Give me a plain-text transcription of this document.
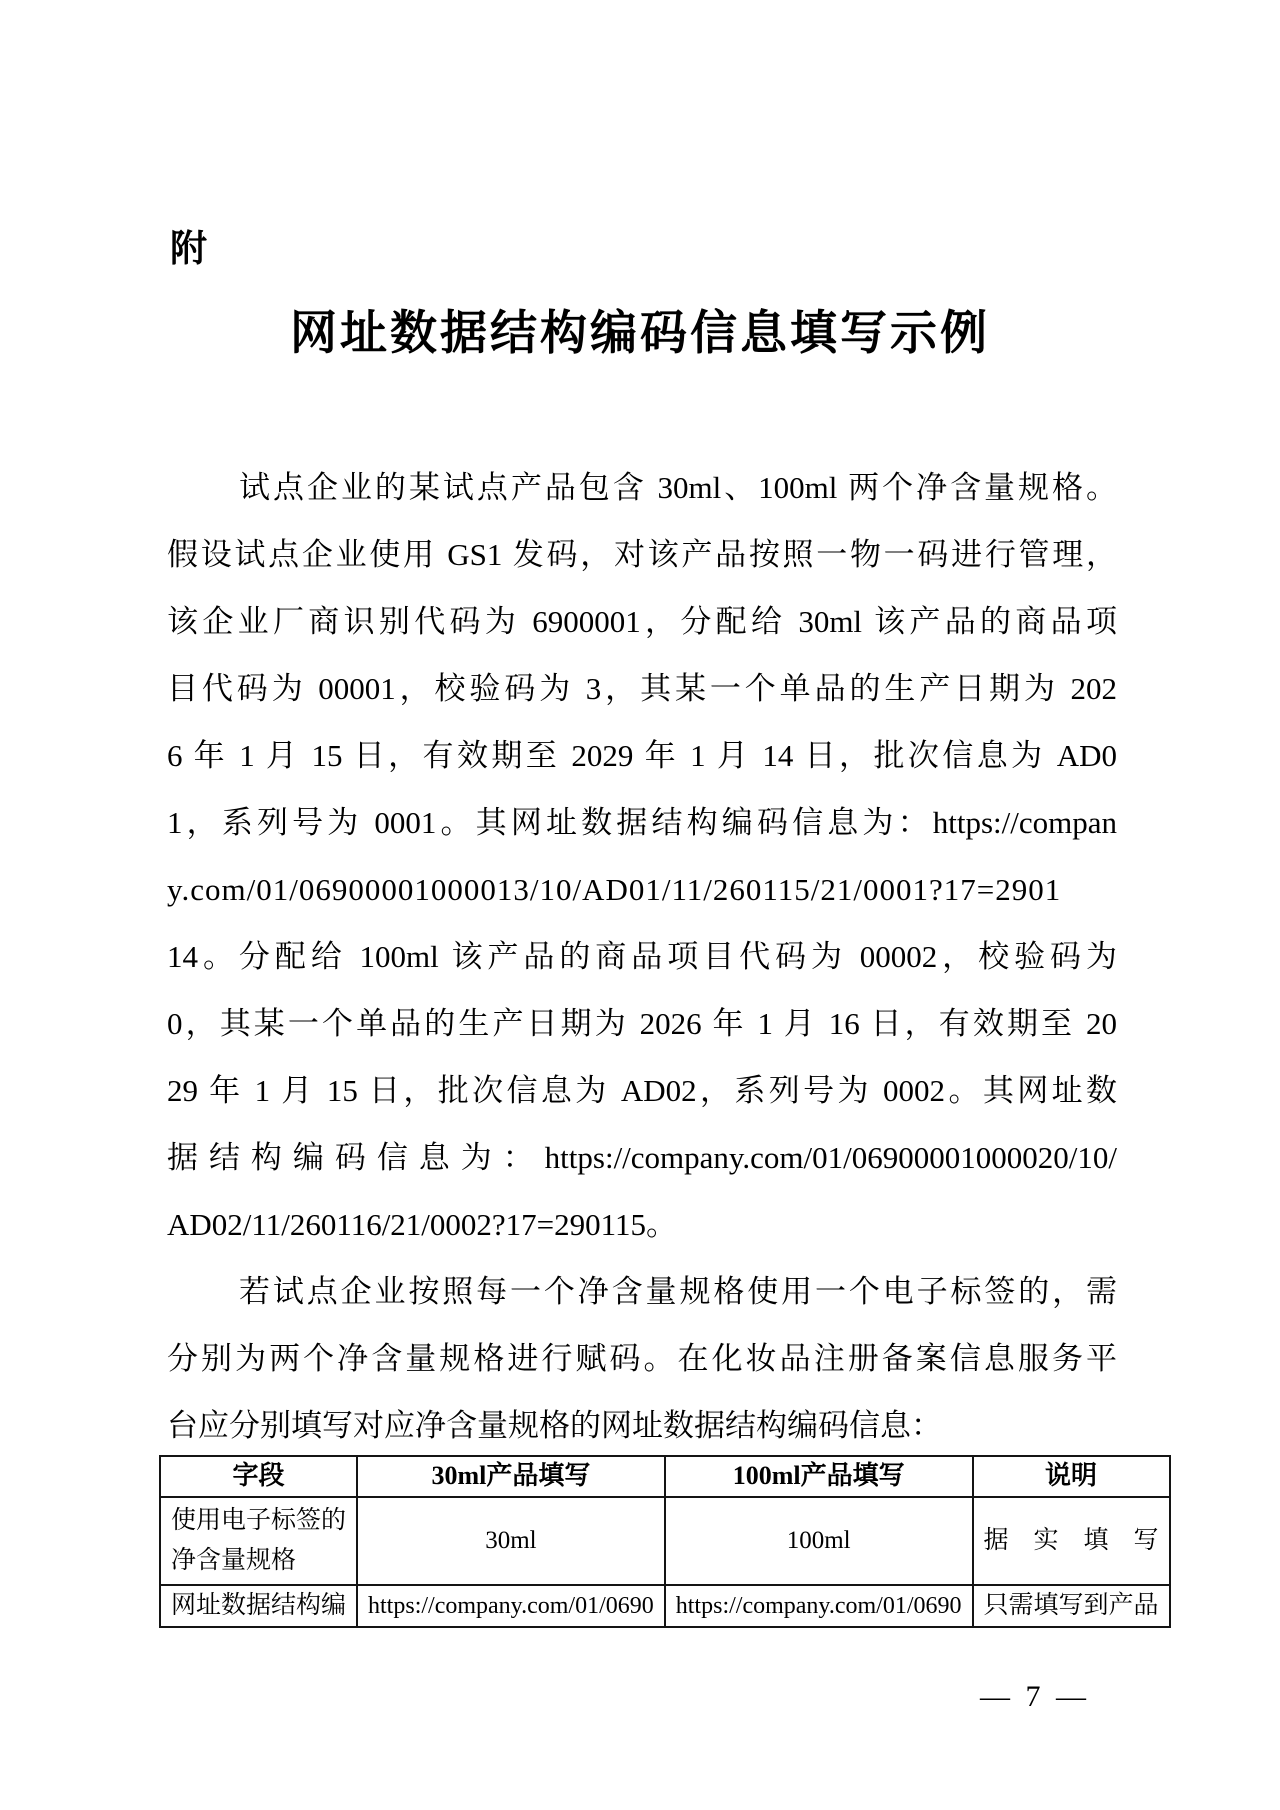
附
网址数据结构编码信息填写示例
试点企业的某试点产品包含 30ml、100ml 两个净含量规格。
假设试点企业使用 GS1 发码，对该产品按照一物一码进行管理，
该企业厂商识别代码为 6900001，分配给 30ml 该产品的商品项
目代码为 00001，校验码为 3，其某一个单品的生产日期为 202
6 年 1 月 15 日，有效期至 2029 年 1 月 14 日，批次信息为 AD0
1，系列号为 0001。其网址数据结构编码信息为：https://compan
y.com/01/06900001000013/10/AD01/11/260115/21/0001?17=2901
14。分配给 100ml 该产品的商品项目代码为 00002，校验码为
0，其某一个单品的生产日期为 2026 年 1 月 16 日，有效期至 20
29 年 1 月 15 日，批次信息为 AD02，系列号为 0002。其网址数
据结构编码信息为：https://company.com/01/06900001000020/10/
AD02/11/260116/21/0002?17=290115。
若试点企业按照每一个净含量规格使用一个电子标签的，需
分别为两个净含量规格进行赋码。在化妆品注册备案信息服务平
台应分别填写对应净含量规格的网址数据结构编码信息：
字段	30ml产品填写	100ml产品填写	说明

使用电子标签的
净含量规格	30ml	100ml	据实填写

网址数据结构编	https://company.com/01/0690	https://company.com/01/0690	只需填写到产品
— 7 —
